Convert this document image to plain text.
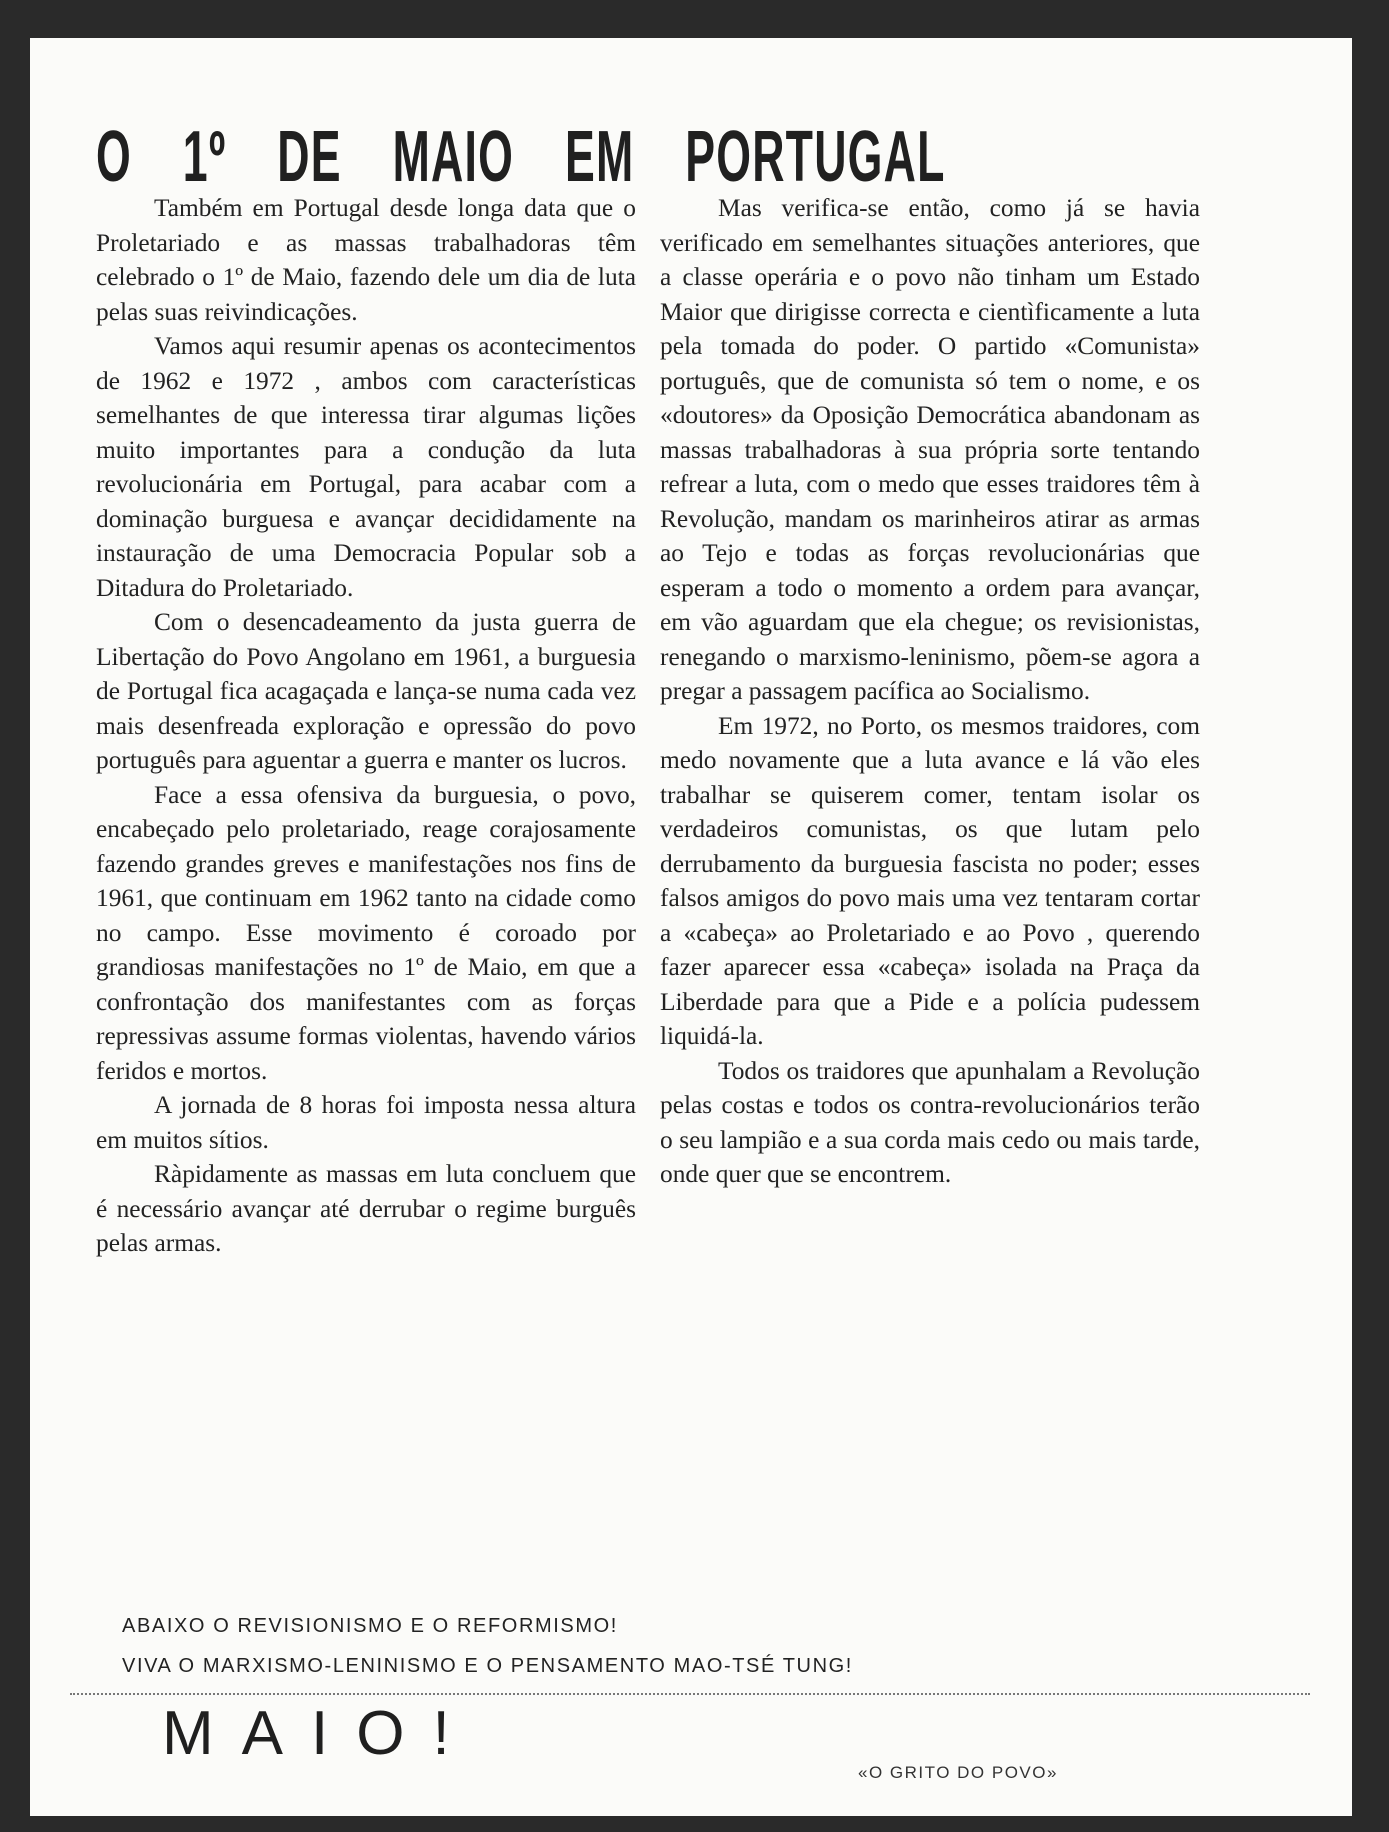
O 1º DE MAIO EM PORTUGAL

Também em Portugal desde longa data que o Proletariado e as massas trabalhadoras têm celebrado o 1º de Maio, fazendo dele um dia de luta pelas suas reivindicações.

Vamos aqui resumir apenas os acontecimentos de 1962 e 1972 , ambos com características semelhantes de que interessa tirar algumas lições muito importantes para a condução da luta revolucionária em Portugal, para acabar com a dominação burguesa e avançar decididamente na instauração de uma Democracia Popular sob a Ditadura do Proletariado.

Com o desencadeamento da justa guerra de Libertação do Povo Angolano em 1961, a burguesia de Portugal fica acagaçada e lança-se numa cada vez mais desenfreada exploração e opressão do povo português para aguentar a guerra e manter os lucros.

Face a essa ofensiva da burguesia, o povo, encabeçado pelo proletariado, reage corajosamente fazendo grandes greves e manifestações nos fins de 1961, que continuam em 1962 tanto na cidade como no campo. Esse movimento é coroado por grandiosas manifestações no 1º de Maio, em que a confrontação dos manifestantes com as forças repressivas assume formas violentas, havendo vários feridos e mortos.

A jornada de 8 horas foi imposta nessa altura em muitos sítios.

Ràpidamente as massas em luta concluem que é necessário avançar até derrubar o regime burguês pelas armas.

Mas verifica-se então, como já se havia verificado em semelhantes situações anteriores, que a classe operária e o povo não tinham um Estado Maior que dirigisse correcta e cientìficamente a luta pela tomada do poder. O partido «Comunista» português, que de comunista só tem o nome, e os «doutores» da Oposição Democrática abandonam as massas trabalhadoras à sua própria sorte tentando refrear a luta, com o medo que esses traidores têm à Revolução, mandam os marinheiros atirar as armas ao Tejo e todas as forças revolucionárias que esperam a todo o momento a ordem para avançar, em vão aguardam que ela chegue; os revisionistas, renegando o marxismo-leninismo, põem-se agora a pregar a passagem pacífica ao Socialismo.

Em 1972, no Porto, os mesmos traidores, com medo novamente que a luta avance e lá vão eles trabalhar se quiserem comer, tentam isolar os verdadeiros comunistas, os que lutam pelo derrubamento da burguesia fascista no poder; esses falsos amigos do povo mais uma vez tentaram cortar a «cabeça» ao Proletariado e ao Povo , querendo fazer aparecer essa «cabeça» isolada na Praça da Liberdade para que a Pide e a polícia pudessem liquidá-la.

Todos os traidores que apunhalam a Revolução pelas costas e todos os contra-revolucionários terão o seu lampião e a sua corda mais cedo ou mais tarde, onde quer que se encontrem.

ABAIXO O REVISIONISMO E O REFORMISMO!
VIVA O MARXISMO-LENINISMO E O PENSAMENTO MAO-TSÉ TUNG!
MAIO!
«O GRITO DO POVO»
